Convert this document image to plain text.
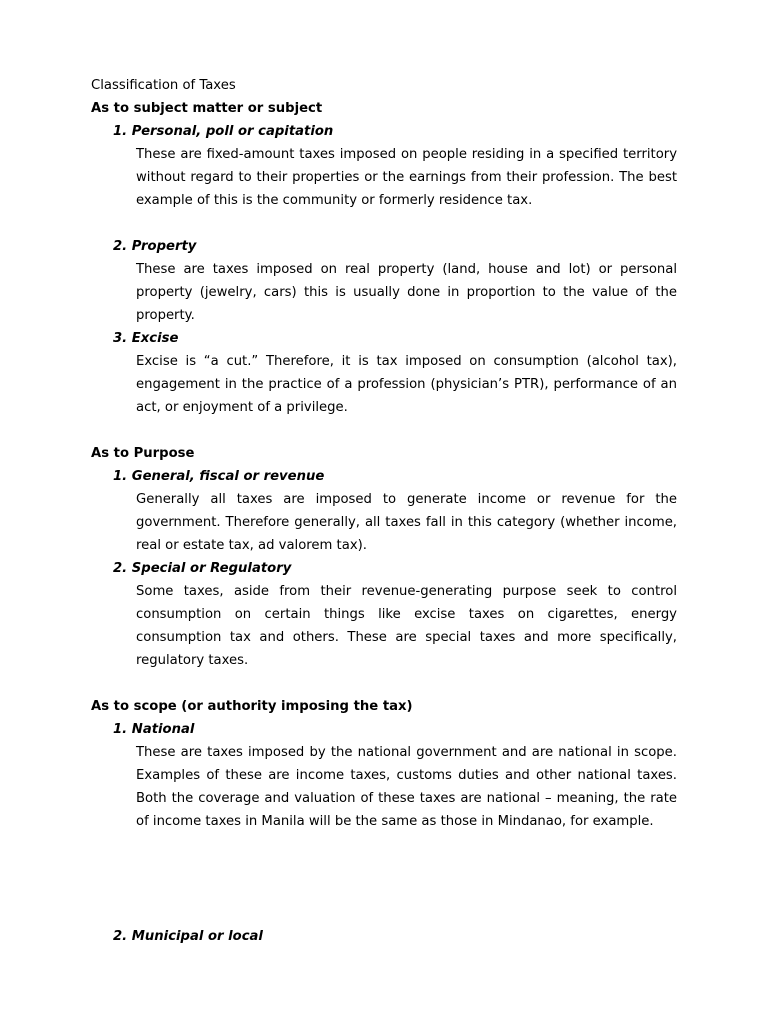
Classification of Taxes
As to subject matter or subject
1. Personal, poll or capitation
These are fixed-amount taxes imposed on people residing in a specified territory without regard to their properties or the earnings from their profession. The best example of this is the community or formerly residence tax.
2. Property
These are taxes imposed on real property (land, house and lot) or personal property (jewelry, cars) this is usually done in proportion to the value of the property.
3. Excise
Excise is “a cut.” Therefore, it is tax imposed on consumption (alcohol tax), engagement in the practice of a profession (physician’s PTR), performance of an act, or enjoyment of a privilege.
As to Purpose
1. General, fiscal or revenue
Generally all taxes are imposed to generate income or revenue for the government. Therefore generally, all taxes fall in this category (whether income, real or estate tax, ad valorem tax).
2. Special or Regulatory
Some taxes, aside from their revenue-generating purpose seek to control consumption on certain things like excise taxes on cigarettes, energy consumption tax and others. These are special taxes and more specifically, regulatory taxes.
As to scope (or authority imposing the tax)
1. National
These are taxes imposed by the national government and are national in scope. Examples of these are income taxes, customs duties and other national taxes. Both the coverage and valuation of these taxes are national – meaning, the rate of income taxes in Manila will be the same as those in Mindanao, for example.
2. Municipal or local
